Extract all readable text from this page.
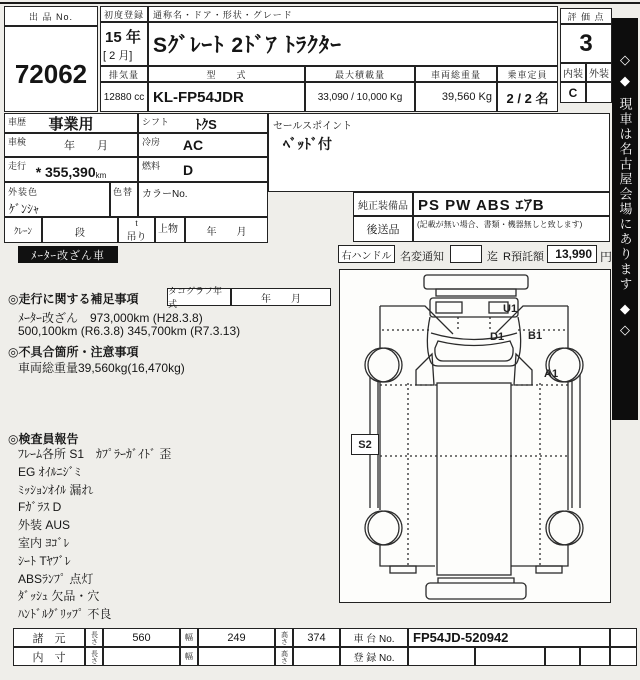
出 品 No.
72062
初度登録
15 年
[ 2 月]
通称名・ドア・形状・グレード
Sｸﾞﾚｰﾄ 2ﾄﾞｱ ﾄﾗｸﾀｰ
排気量
12880 cc
型　　式
KL-FP54JDR
最大積載量
33,090 / 10,000 Kg
車両総重量
39,560 Kg
乗車定員
2 / 2 名
評 価 点
3
内装 外装
C
車歴 事業用	シフト ﾄｸS
車検	年　　月	冷房 AC
走行 * 355,390 km
燃料 D
外装色
ｹﾞﾝｼｬ
色替 カラーNo.
ｸﾚｰﾝ	段
t
吊り
上物	年　　月
セールスポイント
ﾍﾞｯﾄﾞ付
純正装備品 PS PW ABS ｴｱB
後送品	(記載が無い場合、書類・機器無しと致します)
右ハンドル 名変通知	迄 R預託額 13,990 円
ﾒｰﾀｰ改ざん車
◎走行に関する補足事項
タコグラフ年式	年　　月
ﾒｰﾀｰ改ざん　973,000km (H28.3.8)
500,100km (R6.3.8) 345,700km (R7.3.13)
◎不具合箇所・注意事項
車両総重量39,560kg(16,470kg)
◎検査員報告
ﾌﾚｰﾑ各所 S1　ｶﾌﾟﾗｰｶﾞｲﾄﾞ 歪
EG ｵｲﾙﾆｼﾞﾐ
ﾐｯｼｮﾝｵｲﾙ 漏れ
Fｶﾞﾗｽ D
外装 AUS
室内 ﾖｺﾞﾚ
ｼｰﾄ Tﾔﾌﾞﾚ
ABSﾗﾝﾌﾟ 点灯
ﾀﾞｯｼｭ 欠品・穴
ﾊﾝﾄﾞﾙｸﾞﾘｯﾌﾟ 不良
U1
D1 B1
A1
S2
◇
◆
現車は名古屋会場にあります
◆
◇
諸　元	長さ	560	幅	249	高さ	374	車 台 No.	FP54JD-520942
内　寸	長さ	幅	高さ	登 録 No.
